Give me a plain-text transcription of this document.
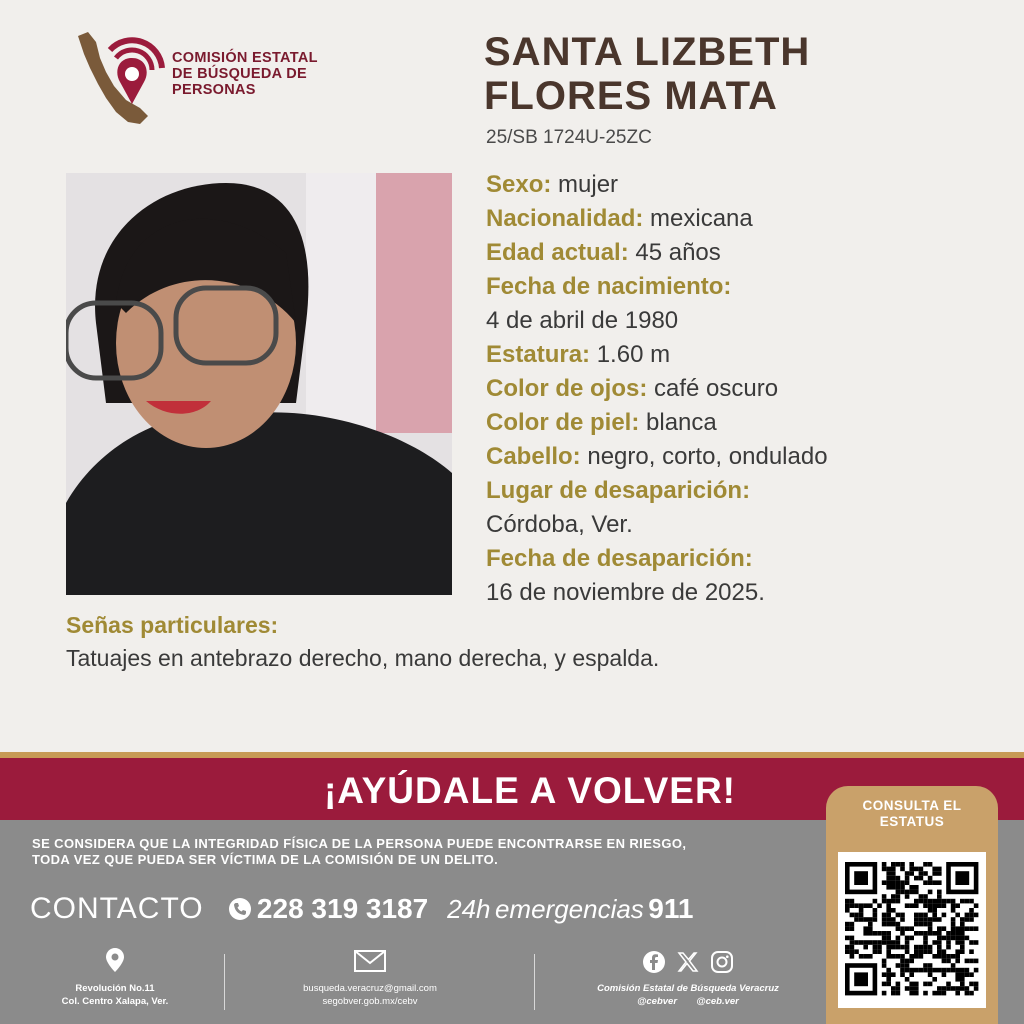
COMISIÓN ESTATAL
DE BÚSQUEDA DE
PERSONAS
SANTA LIZBETH
FLORES MATA
25/SB 1724U-25ZC
Sexo: mujer
Nacionalidad: mexicana
Edad actual: 45 años
Fecha de nacimiento:
4 de abril de 1980
Estatura: 1.60 m
Color de ojos: café oscuro
Color de piel: blanca
Cabello: negro, corto, ondulado
Lugar de desaparición:
Córdoba, Ver.
Fecha de desaparición:
16 de noviembre de 2025.
Señas particulares:
Tatuajes en antebrazo derecho, mano derecha, y espalda.
¡AYÚDALE A VOLVER!
SE CONSIDERA QUE LA INTEGRIDAD FÍSICA DE LA PERSONA PUEDE ENCONTRARSE EN RIESGO,
TODA VEZ QUE PUEDA SER VÍCTIMA DE LA COMISIÓN DE UN DELITO.
CONTACTO 228 319 3187 24h emergencias 911
Revolución No.11
Col. Centro Xalapa, Ver.
busqueda.veracruz@gmail.com
segobver.gob.mx/cebv

Comisión Estatal de Búsqueda Veracruz
@cebver @ceb.ver
CONSULTA EL
ESTATUS
